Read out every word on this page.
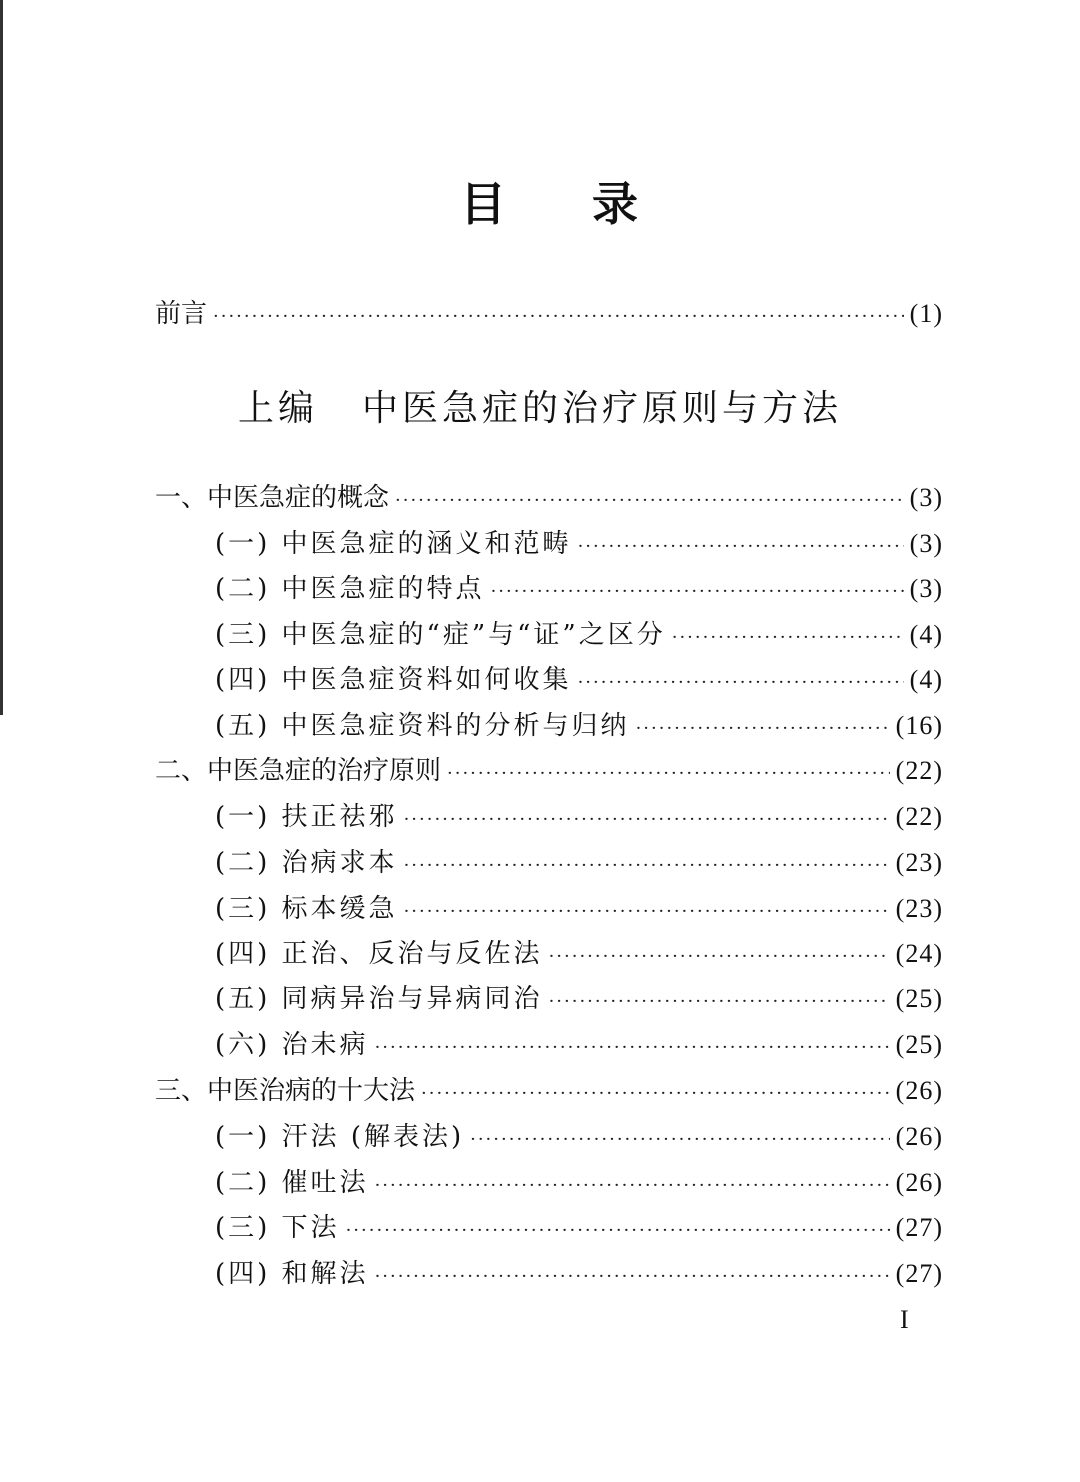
目 录
前言 ·····	(1)
上编 中医急症的治疗原则与方法
一、中医急症的概念 ·····	(3)
(一) 中医急症的涵义和范畴 ·····	(3)
(二) 中医急症的特点 ·····	(3)
(三) 中医急症的“症”与“证”之区分 ·····	(4)
(四) 中医急症资料如何收集 ·····	(4)
(五) 中医急症资料的分析与归纳 ·····	(16)
二、中医急症的治疗原则 ·····	(22)
(一) 扶正祛邪 ·····	(22)
(二) 治病求本 ·····	(23)
(三) 标本缓急 ·····	(23)
(四) 正治、反治与反佐法 ·····	(24)
(五) 同病异治与异病同治 ·····	(25)
(六) 治未病 ·····	(25)
三、中医治病的十大法 ·····	(26)
(一) 汗法 (解表法) ·····	(26)
(二) 催吐法 ·····	(26)
(三) 下法 ·····	(27)
(四) 和解法 ·····	(27)
I
